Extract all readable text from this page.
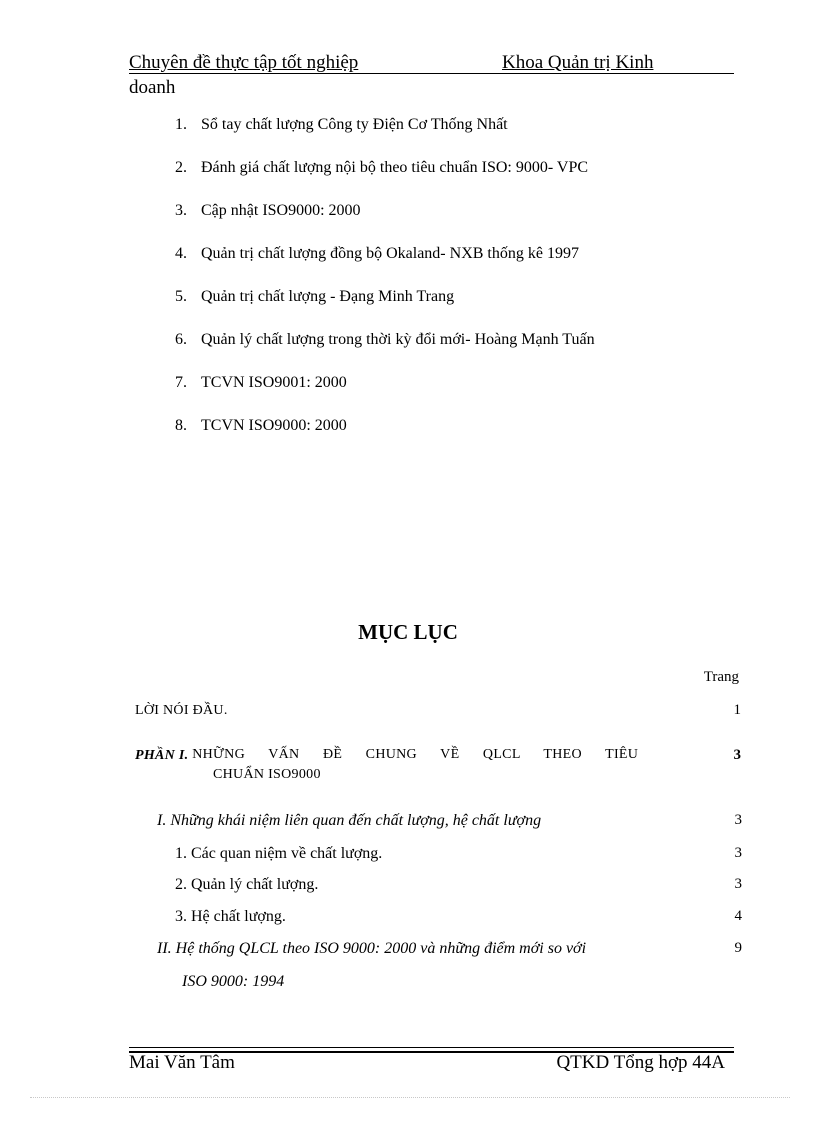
Chuyên đề thực tập tốt nghiệp	Khoa Quản trị Kinh
doanh
1. Sổ tay chất lượng Công ty Điện Cơ Thống Nhất
2. Đánh giá chất lượng nội bộ theo tiêu chuẩn ISO: 9000- VPC
3. Cập nhật ISO9000: 2000
4. Quản trị chất lượng đồng bộ Okaland- NXB thống kê 1997
5. Quản trị chất lượng - Đạng Minh Trang
6. Quản lý chất lượng trong thời kỳ đổi mới- Hoàng Mạnh Tuấn
7. TCVN ISO9001: 2000
8. TCVN ISO9000: 2000
MỤC LỤC
Trang
LỜI NÓI ĐẦU.	1
PHẦN I. NHỮNG VẤN ĐỀ CHUNG VỀ QLCL THEO TIÊU	3
CHUẨN ISO9000
I. Những khái niệm liên quan đến chất lượng, hệ chất lượng	3
1. Các quan niệm về chất lượng.	3
2. Quản lý chất lượng.	3
3. Hệ chất lượng.	4
II. Hệ thống QLCL theo ISO 9000: 2000 và những điểm mới so với	9
ISO 9000: 1994
Mai Văn Tâm	QTKD Tổng hợp 44A
